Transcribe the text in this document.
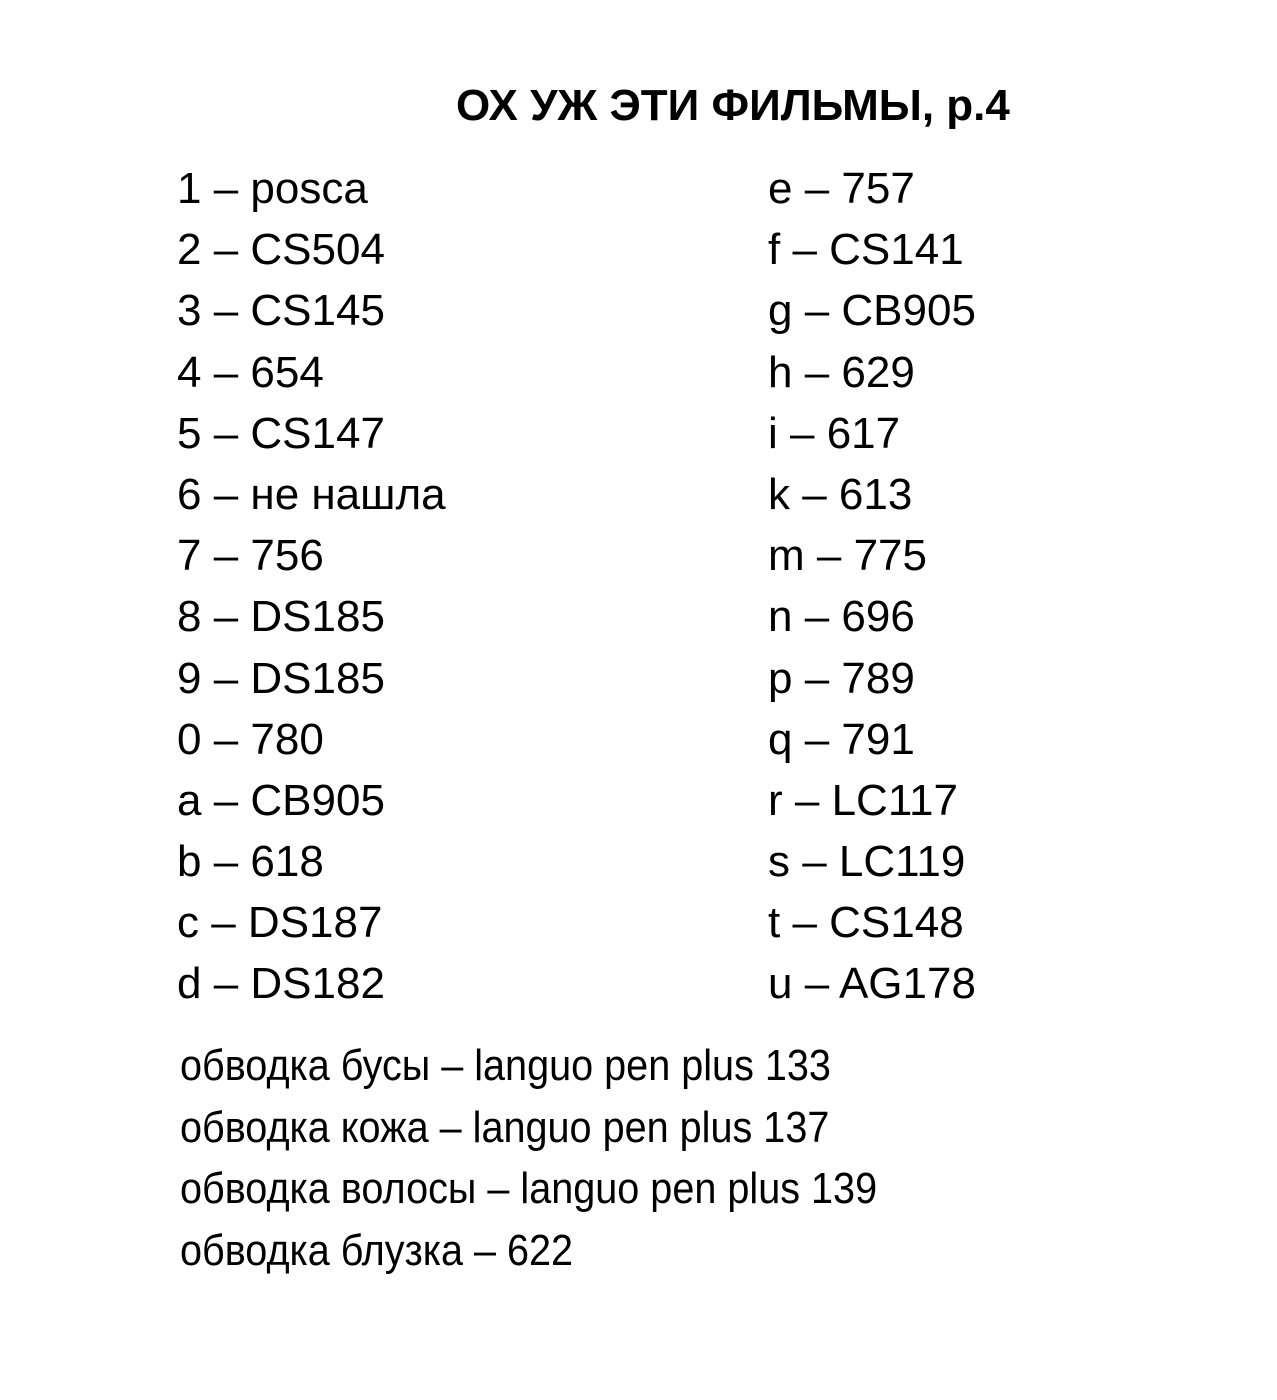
ОХ УЖ ЭТИ ФИЛЬМЫ, р.4
1 – posca
2 – CS504
3 – CS145
4 – 654
5 – CS147
6 – не нашла
7 – 756
8 – DS185
9 – DS185
0 – 780
a – CB905
b – 618
c – DS187
d – DS182
e – 757
f – CS141
g – CB905
h – 629
i – 617
k – 613
m – 775
n – 696
p – 789
q – 791
r – LC117
s – LC119
t – CS148
u – AG178
обводка бусы – languo pen plus 133
обводка кожа – languo pen plus 137
обводка волосы – languo pen plus 139
обводка блузка – 622
